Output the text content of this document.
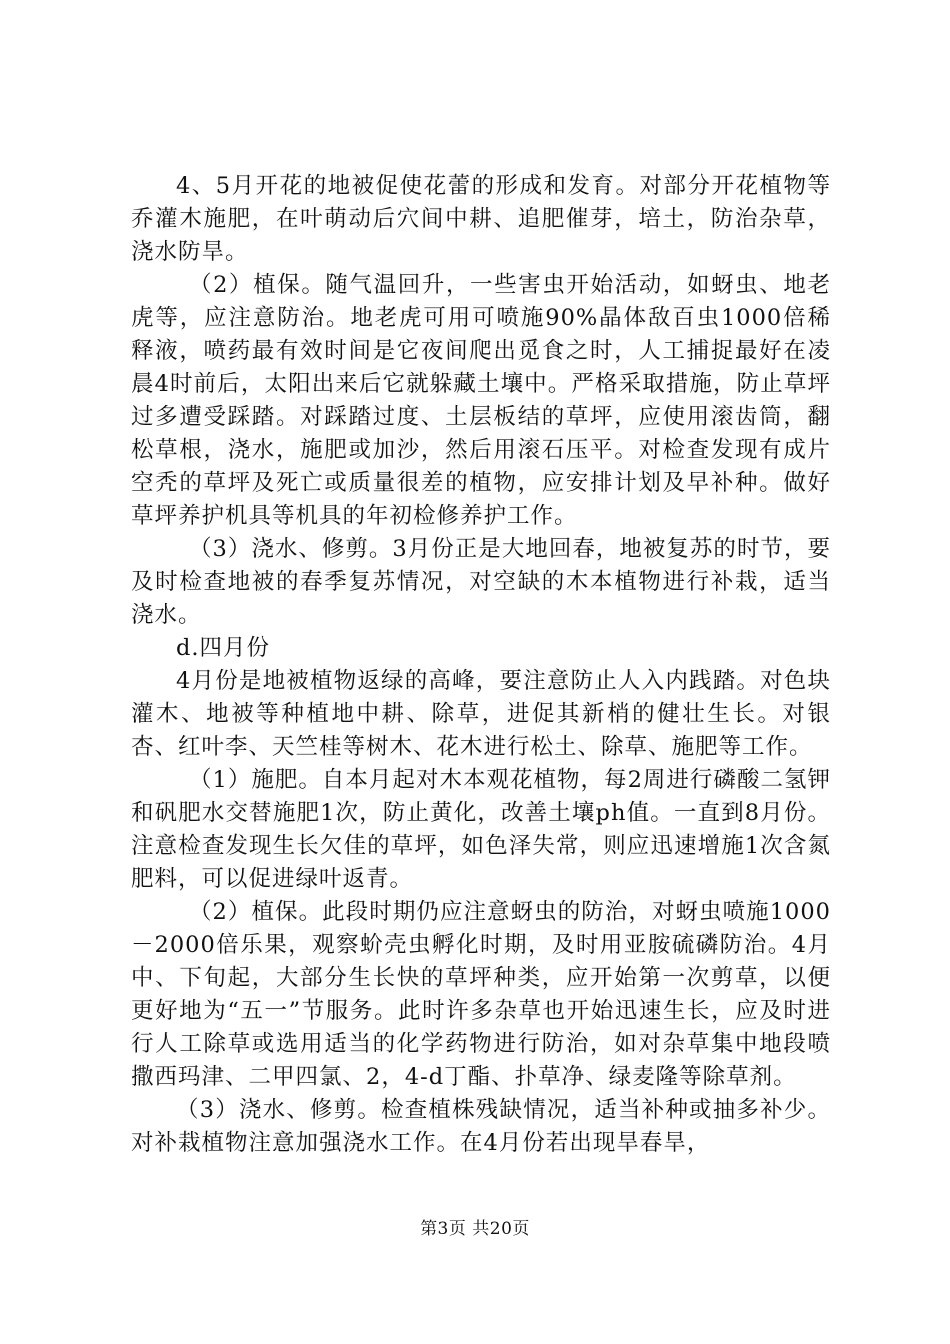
4、5月开花的地被促使花蕾的形成和发育。对部分开花植物等乔灌木施肥，在叶萌动后穴间中耕、追肥催芽，培土，防治杂草，浇水防旱。

（2）植保。随气温回升，一些害虫开始活动，如蚜虫、地老虎等，应注意防治。地老虎可用可喷施90%晶体敌百虫1000倍稀释液，喷药最有效时间是它夜间爬出觅食之时，人工捕捉最好在凌晨4时前后，太阳出来后它就躲藏土壤中。严格采取措施，防止草坪过多遭受踩踏。对踩踏过度、土层板结的草坪，应使用滚齿筒，翻松草根，浇水，施肥或加沙，然后用滚石压平。对检查发现有成片空秃的草坪及死亡或质量很差的植物，应安排计划及早补种。做好草坪养护机具等机具的年初检修养护工作。

（3）浇水、修剪。3月份正是大地回春，地被复苏的时节，要及时检查地被的春季复苏情况，对空缺的木本植物进行补栽，适当浇水。

d.四月份

4月份是地被植物返绿的高峰，要注意防止人入内践踏。对色块灌木、地被等种植地中耕、除草，进促其新梢的健壮生长。对银杏、红叶李、天竺桂等树木、花木进行松土、除草、施肥等工作。

（1）施肥。自本月起对木本观花植物，每2周进行磷酸二氢钾和矾肥水交替施肥1次，防止黄化，改善土壤ph值。一直到8月份。注意检查发现生长欠佳的草坪，如色泽失常，则应迅速增施1次含氮肥料，可以促进绿叶返青。

（2）植保。此段时期仍应注意蚜虫的防治，对蚜虫喷施1000－2000倍乐果，观察蚧壳虫孵化时期，及时用亚胺硫磷防治。4月中、下旬起，大部分生长快的草坪种类，应开始第一次剪草，以便更好地为“五一”节服务。此时许多杂草也开始迅速生长，应及时进行人工除草或选用适当的化学药物进行防治，如对杂草集中地段喷撒西玛津、二甲四氯、2，4-d丁酯、扑草净、绿麦隆等除草剂。

（3）浇水、修剪。检查植株残缺情况，适当补种或抽多补少。对补栽植物注意加强浇水工作。在4月份若出现旱春旱，

第3页 共20页
